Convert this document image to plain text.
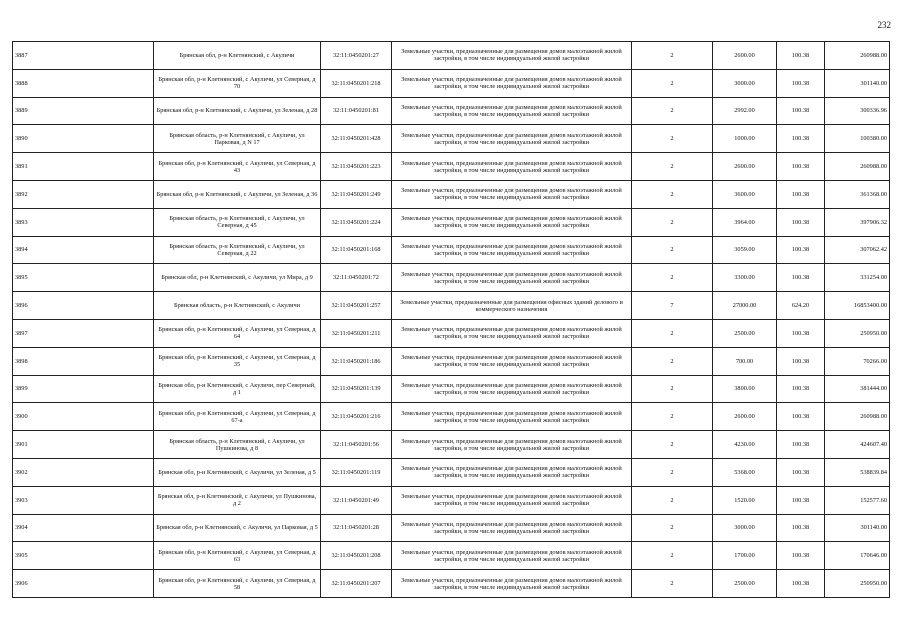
232
3887	Брянская обл, р-н Клетнянский, с Акуличи	32:11:0450201:27	Земельные участки, предназначенные для размещения домов малоэтажной жилой застройки, в том числе индивидуальной жилой застройки	2	2600.00	100.38	260988.00
3888	Брянская обл, р-н Клетнянский, с Акуличи, ул Северная, д 70	32:11:0450201:218	Земельные участки, предназначенные для размещения домов малоэтажной жилой застройки, в том числе индивидуальной жилой застройки	2	3000.00	100.38	301140.00
3889	Брянская обл, р-н Клетнянский, с Акуличи, ул Зеленая, д 28	32:11:0450201:81	Земельные участки, предназначенные для размещения домов малоэтажной жилой застройки, в том числе индивидуальной жилой застройки	2	2992.00	100.38	300336.96
3890	Брянская область, р-н Клетнянский, с Акуличи, ул Парковая, д N 17	32:11:0450201:428	Земельные участки, предназначенные для размещения домов малоэтажной жилой застройки, в том числе индивидуальной жилой застройки	2	1000.00	100.38	100380.00
3891	Брянская обл, р-н Клетнянский, с Акуличи, ул Северная, д 43	32:11:0450201:223	Земельные участки, предназначенные для размещения домов малоэтажной жилой застройки, в том числе индивидуальной жилой застройки	2	2600.00	100.38	260988.00
3892	Брянская обл, р-н Клетнянский, с Акуличи, ул Зеленая, д 36	32:11:0450201:249	Земельные участки, предназначенные для размещения домов малоэтажной жилой застройки, в том числе индивидуальной жилой застройки	2	3600.00	100.38	361368.00
3893	Брянская область, р-н Клетнянский, с Акуличи, ул Северная, д 45	32:11:0450201:224	Земельные участки, предназначенные для размещения домов малоэтажной жилой застройки, в том числе индивидуальной жилой застройки	2	3964.00	100.38	397906.32
3894	Брянская область, р-н Клетнянский, с Акуличи, ул Северная, д 22	32:11:0450201:168	Земельные участки, предназначенные для размещения домов малоэтажной жилой застройки, в том числе индивидуальной жилой застройки	2	3059.00	100.38	307062.42
3895	Брянская обл, р-н Клетнянский, с Акуличи, ул Мира, д 9	32:11:0450201:72	Земельные участки, предназначенные для размещения домов малоэтажной жилой застройки, в том числе индивидуальной жилой застройки	2	3300.00	100.38	331254.00
3896	Брянская область, р-н Клетнянский, с Акуличи	32:11:0450201:257	Земельные участки, предназначенные для размещения офисных зданий делового и коммерческого назначения	7	27000.00	624.20	16853400.00
3897	Брянская обл, р-н Клетнянский, с Акуличи, ул Северная, д 64	32:11:0450201:211	Земельные участки, предназначенные для размещения домов малоэтажной жилой застройки, в том числе индивидуальной жилой застройки	2	2500.00	100.38	250950.00
3898	Брянская обл, р-н Клетнянский, с Акуличи, ул Северная, д 35	32:11:0450201:186	Земельные участки, предназначенные для размещения домов малоэтажной жилой застройки, в том числе индивидуальной жилой застройки	2	700.00	100.38	70266.00
3899	Брянская обл, р-н Клетнянский, с Акуличи, пер Северный, д 1	32:11:0450201:139	Земельные участки, предназначенные для размещения домов малоэтажной жилой застройки, в том числе индивидуальной жилой застройки	2	3800.00	100.38	381444.00
3900	Брянская обл, р-н Клетнянский, с Акуличи, ул Северная, д 67-а	32:11:0450201:216	Земельные участки, предназначенные для размещения домов малоэтажной жилой застройки, в том числе индивидуальной жилой застройки	2	2600.00	100.38	260988.00
3901	Брянская область, р-н Клетнянский, с Акуличи, ул Пушкинова, д 8	32:11:0450201:56	Земельные участки, предназначенные для размещения домов малоэтажной жилой застройки, в том числе индивидуальной жилой застройки	2	4230.00	100.38	424607.40
3902	Брянская обл, р-н Клетнянский, с Акуличи, ул Зеленая, д 5	32:11:0450201:119	Земельные участки, предназначенные для размещения домов малоэтажной жилой застройки, в том числе индивидуальной жилой застройки	2	5368.00	100.38	538839.84
3903	Брянская обл, р-н Клетнянский, с Акуличи, ул Пушкинова, д 2	32:11:0450201:49	Земельные участки, предназначенные для размещения домов малоэтажной жилой застройки, в том числе индивидуальной жилой застройки	2	1520.00	100.38	152577.60
3904	Брянская обл, р-н Клетнянский, с Акуличи, ул Парковая, д 5	32:11:0450201:28	Земельные участки, предназначенные для размещения домов малоэтажной жилой застройки, в том числе индивидуальной жилой застройки	2	3000.00	100.38	301140.00
3905	Брянская обл, р-н Клетнянский, с Акуличи, ул Северная, д 63	32:11:0450201:208	Земельные участки, предназначенные для размещения домов малоэтажной жилой застройки, в том числе индивидуальной жилой застройки	2	1700.00	100.38	170646.00
3906	Брянская обл, р-н Клетнянский, с Акуличи, ул Северная, д 58	32:11:0450201:207	Земельные участки, предназначенные для размещения домов малоэтажной жилой застройки, в том числе индивидуальной жилой застройки	2	2500.00	100.38	250950.00
